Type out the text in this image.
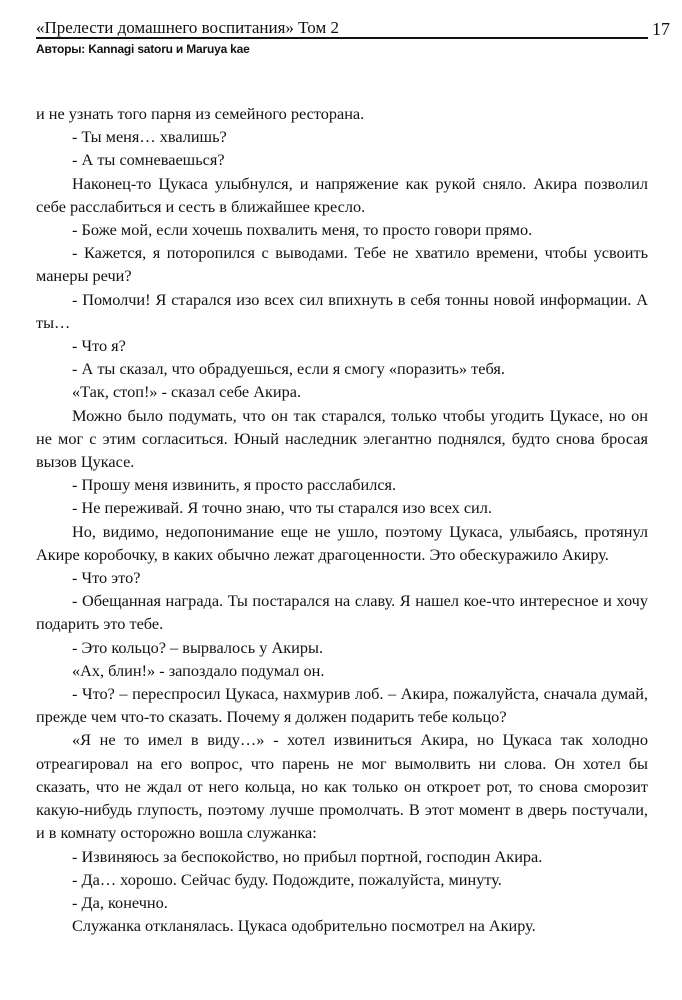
«Прелести домашнего воспитания» Том 2
Авторы: Kannagi satoru и Maruya kae
17

и не узнать того парня из семейного ресторана.

- Ты меня… хвалишь?

- А ты сомневаешься?

Наконец-то Цукаса улыбнулся, и напряжение как рукой сняло. Акира позволил себе расслабиться и сесть в ближайшее кресло.

- Боже мой, если хочешь похвалить меня, то просто говори прямо.

- Кажется, я поторопился с выводами. Тебе не хватило времени, чтобы усвоить манеры речи?

- Помолчи! Я старался изо всех сил впихнуть в себя тонны новой информации. А ты…

- Что я?

- А ты сказал, что обрадуешься, если я смогу «поразить» тебя.

«Так, стоп!» - сказал себе Акира.

Можно было подумать, что он так старался, только чтобы угодить Цукасе, но он не мог с этим согласиться. Юный наследник элегантно поднялся, будто снова бросая вызов Цукасе.

- Прошу меня извинить, я просто расслабился.

- Не переживай. Я точно знаю, что ты старался изо всех сил.

Но, видимо, недопонимание еще не ушло, поэтому Цукаса, улыбаясь, протянул Акире коробочку, в каких обычно лежат драгоценности. Это обескуражило Акиру.

- Что это?

- Обещанная награда. Ты постарался на славу. Я нашел кое-что интересное и хочу подарить это тебе.

- Это кольцо? – вырвалось у Акиры.

«Ах, блин!» - запоздало подумал он.

- Что? – переспросил Цукаса, нахмурив лоб. – Акира, пожалуйста, сначала думай, прежде чем что-то сказать. Почему я должен подарить тебе кольцо?

«Я не то имел в виду…» - хотел извиниться Акира, но Цукаса так холодно отреагировал на его вопрос, что парень не мог вымолвить ни слова. Он хотел бы сказать, что не ждал от него кольца, но как только он откроет рот, то снова сморозит какую-нибудь глупость, поэтому лучше промолчать. В этот момент в дверь постучали, и в комнату осторожно вошла служанка:

- Извиняюсь за беспокойство, но прибыл портной, господин Акира.

- Да… хорошо. Сейчас буду. Подождите, пожалуйста, минуту.

- Да, конечно.

Служанка откланялась. Цукаса одобрительно посмотрел на Акиру.
